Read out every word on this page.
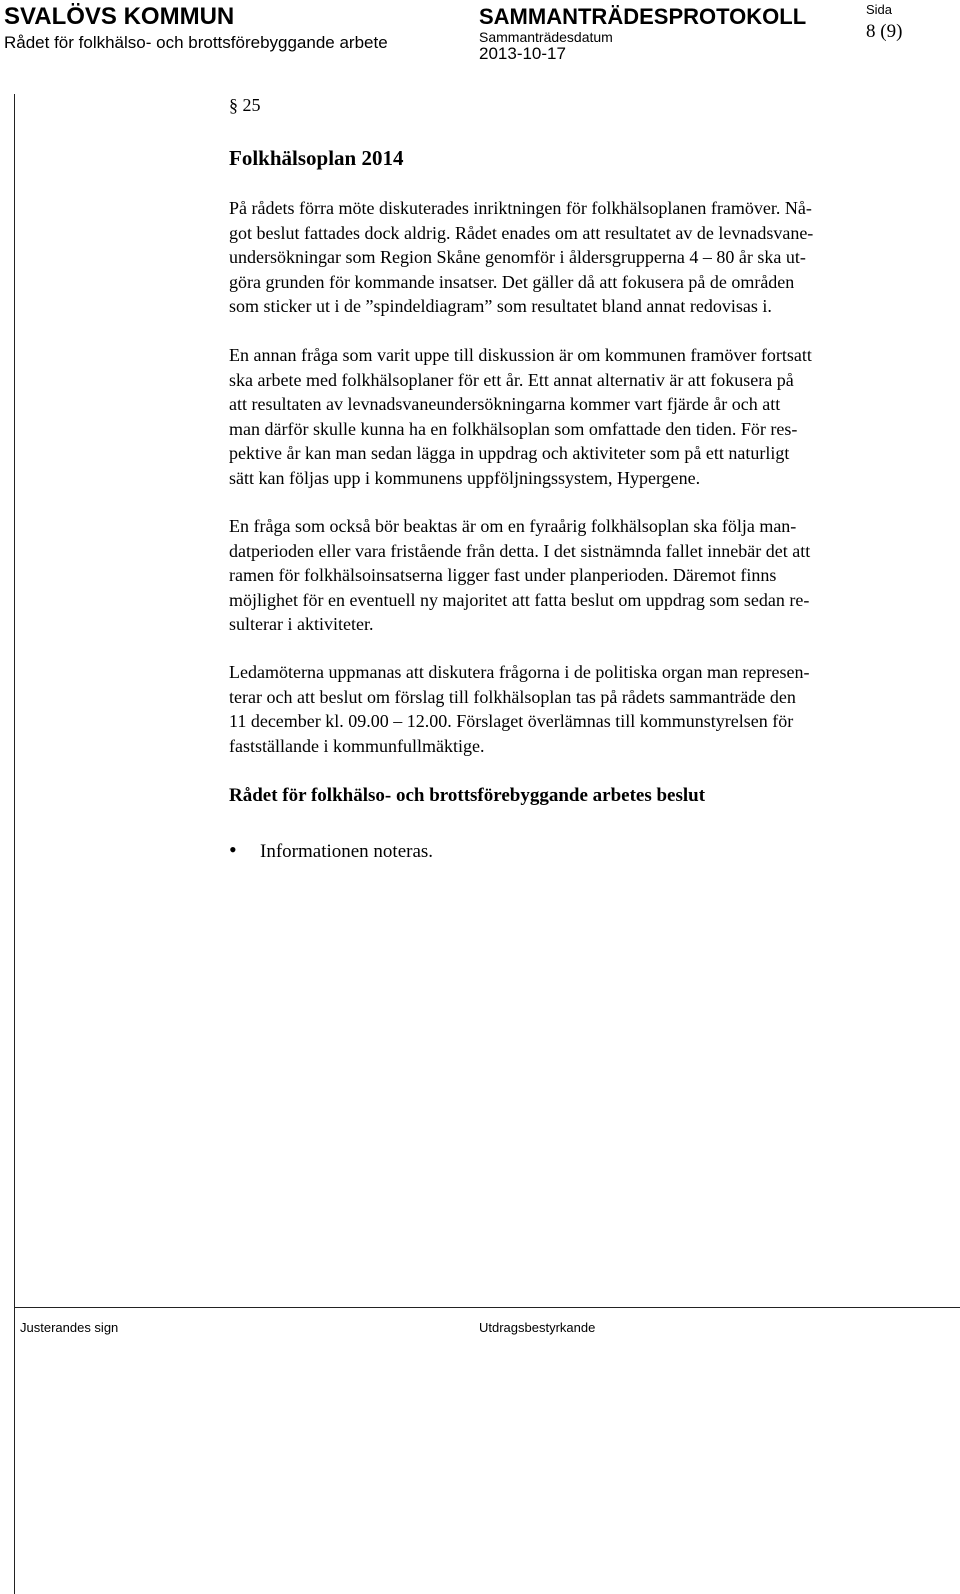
SVALÖVS KOMMUN
Rådet för folkhälso- och brottsförebyggande arbete
SAMMANTRÄDESPROTOKOLL
Sammanträdesdatum
2013-10-17
Sida
8 (9)
§ 25
Folkhälsoplan 2014
På rådets förra möte diskuterades inriktningen för folkhälsoplanen framöver. Nå-
got beslut fattades dock aldrig. Rådet enades om att resultatet av de levnadsvane-
undersökningar som Region Skåne genomför i åldersgrupperna 4 – 80 år ska ut-
göra grunden för kommande insatser. Det gäller då att fokusera på de områden
som sticker ut i de ”spindeldiagram” som resultatet bland annat redovisas i.
En annan fråga som varit uppe till diskussion är om kommunen framöver fortsatt
ska arbete med folkhälsoplaner för ett år. Ett annat alternativ är att fokusera på
att resultaten av levnadsvaneundersökningarna kommer vart fjärde år och att
man därför skulle kunna ha en folkhälsoplan som omfattade den tiden. För res-
pektive år kan man sedan lägga in uppdrag och aktiviteter som på ett naturligt
sätt kan följas upp i kommunens uppföljningssystem, Hypergene.
En fråga som också bör beaktas är om en fyraårig folkhälsoplan ska följa man-
datperioden eller vara fristående från detta. I det sistnämnda fallet innebär det att
ramen för folkhälsoinsatserna ligger fast under planperioden. Däremot finns
möjlighet för en eventuell ny majoritet att fatta beslut om uppdrag som sedan re-
sulterar i aktiviteter.
Ledamöterna uppmanas att diskutera frågorna i de politiska organ man represen-
terar och att beslut om förslag till folkhälsoplan tas på rådets sammanträde den
11 december kl. 09.00 – 12.00. Förslaget överlämnas till kommunstyrelsen för
fastställande i kommunfullmäktige.
Rådet för folkhälso- och brottsförebyggande arbetes beslut
• Informationen noteras.
Justerandes sign	Utdragsbestyrkande
